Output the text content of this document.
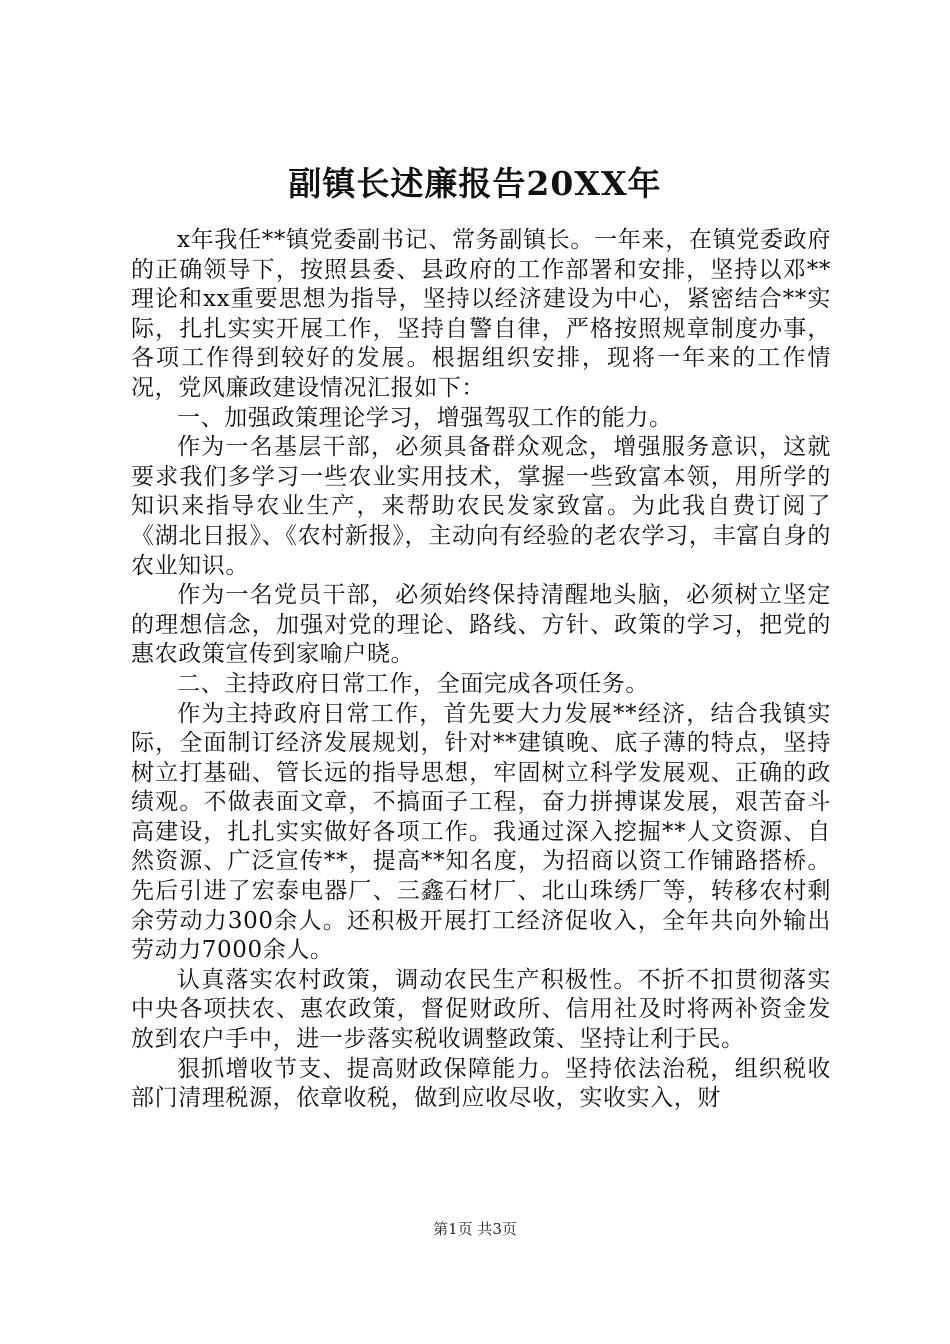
副镇长述廉报告20XX年

x年我任**镇党委副书记、常务副镇长。一年来，在镇党委政府的正确领导下，按照县委、县政府的工作部署和安排，坚持以邓**理论和xx重要思想为指导，坚持以经济建设为中心，紧密结合**实际，扎扎实实开展工作，坚持自警自律，严格按照规章制度办事，各项工作得到较好的发展。根据组织安排，现将一年来的工作情况，党风廉政建设情况汇报如下：

一、加强政策理论学习，增强驾驭工作的能力。

作为一名基层干部，必须具备群众观念，增强服务意识，这就要求我们多学习一些农业实用技术，掌握一些致富本领，用所学的知识来指导农业生产，来帮助农民发家致富。为此我自费订阅了《湖北日报》、《农村新报》，主动向有经验的老农学习，丰富自身的农业知识。

作为一名党员干部，必须始终保持清醒地头脑，必须树立坚定的理想信念，加强对党的理论、路线、方针、政策的学习，把党的惠农政策宣传到家喻户晓。

二、主持政府日常工作，全面完成各项任务。

作为主持政府日常工作，首先要大力发展**经济，结合我镇实际，全面制订经济发展规划，针对**建镇晚、底子薄的特点，坚持树立打基础、管长远的指导思想，牢固树立科学发展观、正确的政绩观。不做表面文章，不搞面子工程，奋力拼搏谋发展，艰苦奋斗高建设，扎扎实实做好各项工作。我通过深入挖掘**人文资源、自然资源、广泛宣传**，提高**知名度，为招商以资工作铺路搭桥。先后引进了宏泰电器厂、三鑫石材厂、北山珠绣厂等，转移农村剩余劳动力300余人。还积极开展打工经济促收入，全年共向外输出劳动力7000余人。

认真落实农村政策，调动农民生产积极性。不折不扣贯彻落实中央各项扶农、惠农政策，督促财政所、信用社及时将两补资金发放到农户手中，进一步落实税收调整政策、坚持让利于民。

狠抓增收节支、提高财政保障能力。坚持依法治税，组织税收部门清理税源，依章收税，做到应收尽收，实收实入，财

第1页 共3页
